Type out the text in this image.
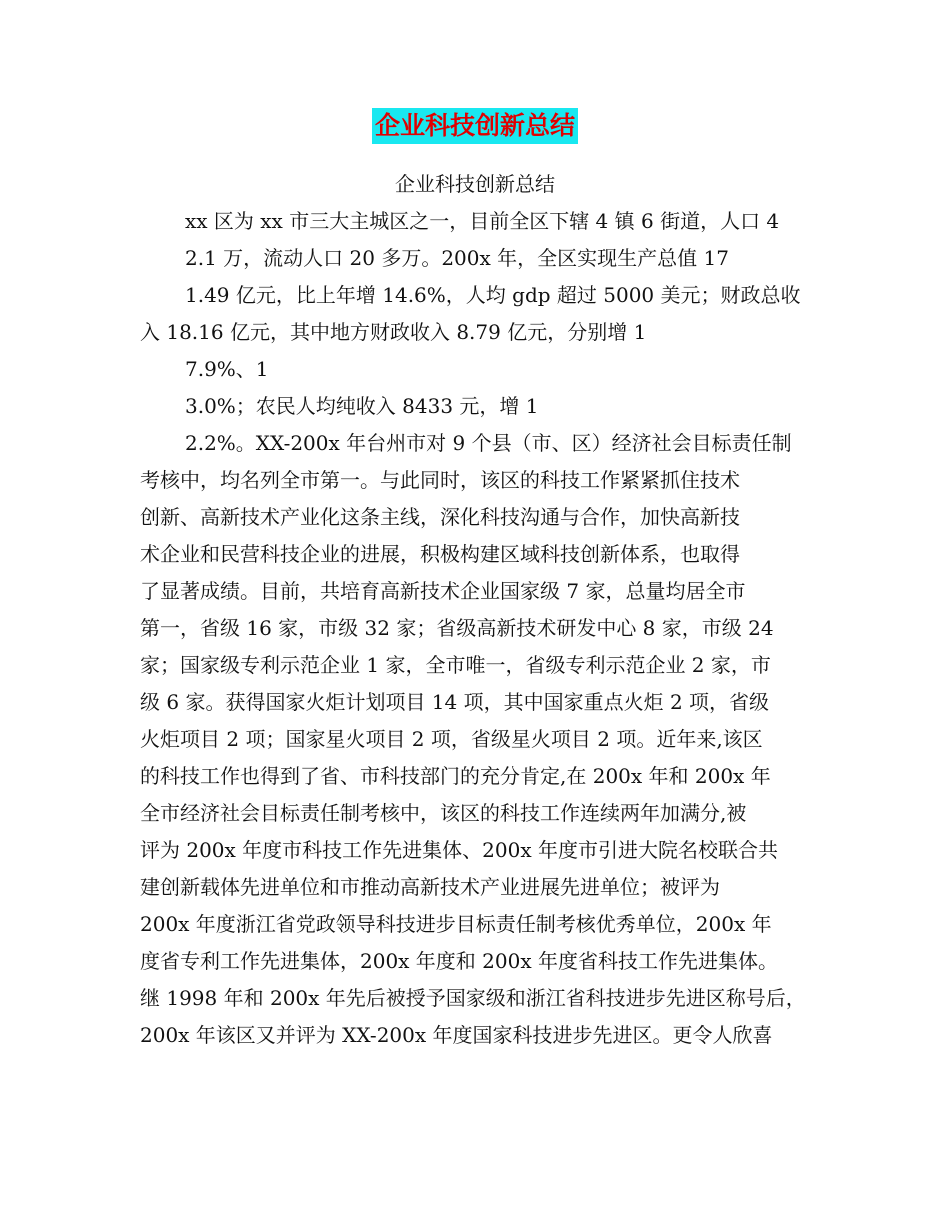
企业科技创新总结
企业科技创新总结
xx 区为 xx 市三大主城区之一，目前全区下辖 4 镇 6 街道，人口 4
2.1 万，流动人口 20 多万。200x 年，全区实现生产总值 17
1.49 亿元，比上年增 14.6%，人均 gdp 超过 5000 美元；财政总收
入 18.16 亿元，其中地方财政收入 8.79 亿元，分别增 1
7.9%、1
3.0%；农民人均纯收入 8433 元，增 1
2.2%。XX-200x 年台州市对 9 个县（市、区）经济社会目标责任制
考核中，均名列全市第一。与此同时，该区的科技工作紧紧抓住技术
创新、高新技术产业化这条主线，深化科技沟通与合作，加快高新技
术企业和民营科技企业的进展，积极构建区域科技创新体系，也取得
了显著成绩。目前，共培育高新技术企业国家级 7 家，总量均居全市
第一，省级 16 家，市级 32 家；省级高新技术研发中心 8 家，市级 24
家；国家级专利示范企业 1 家，全市唯一，省级专利示范企业 2 家，市
级 6 家。获得国家火炬计划项目 14 项，其中国家重点火炬 2 项，省级
火炬项目 2 项；国家星火项目 2 项，省级星火项目 2 项。近年来,该区
的科技工作也得到了省、市科技部门的充分肯定,在 200x 年和 200x 年
全市经济社会目标责任制考核中，该区的科技工作连续两年加满分,被
评为 200x 年度市科技工作先进集体、200x 年度市引进大院名校联合共
建创新载体先进单位和市推动高新技术产业进展先进单位；被评为
200x 年度浙江省党政领导科技进步目标责任制考核优秀单位，200x 年
度省专利工作先进集体，200x 年度和 200x 年度省科技工作先进集体。
继 1998 年和 200x 年先后被授予国家级和浙江省科技进步先进区称号后，
200x 年该区又并评为 XX-200x 年度国家科技进步先进区。更令人欣喜
